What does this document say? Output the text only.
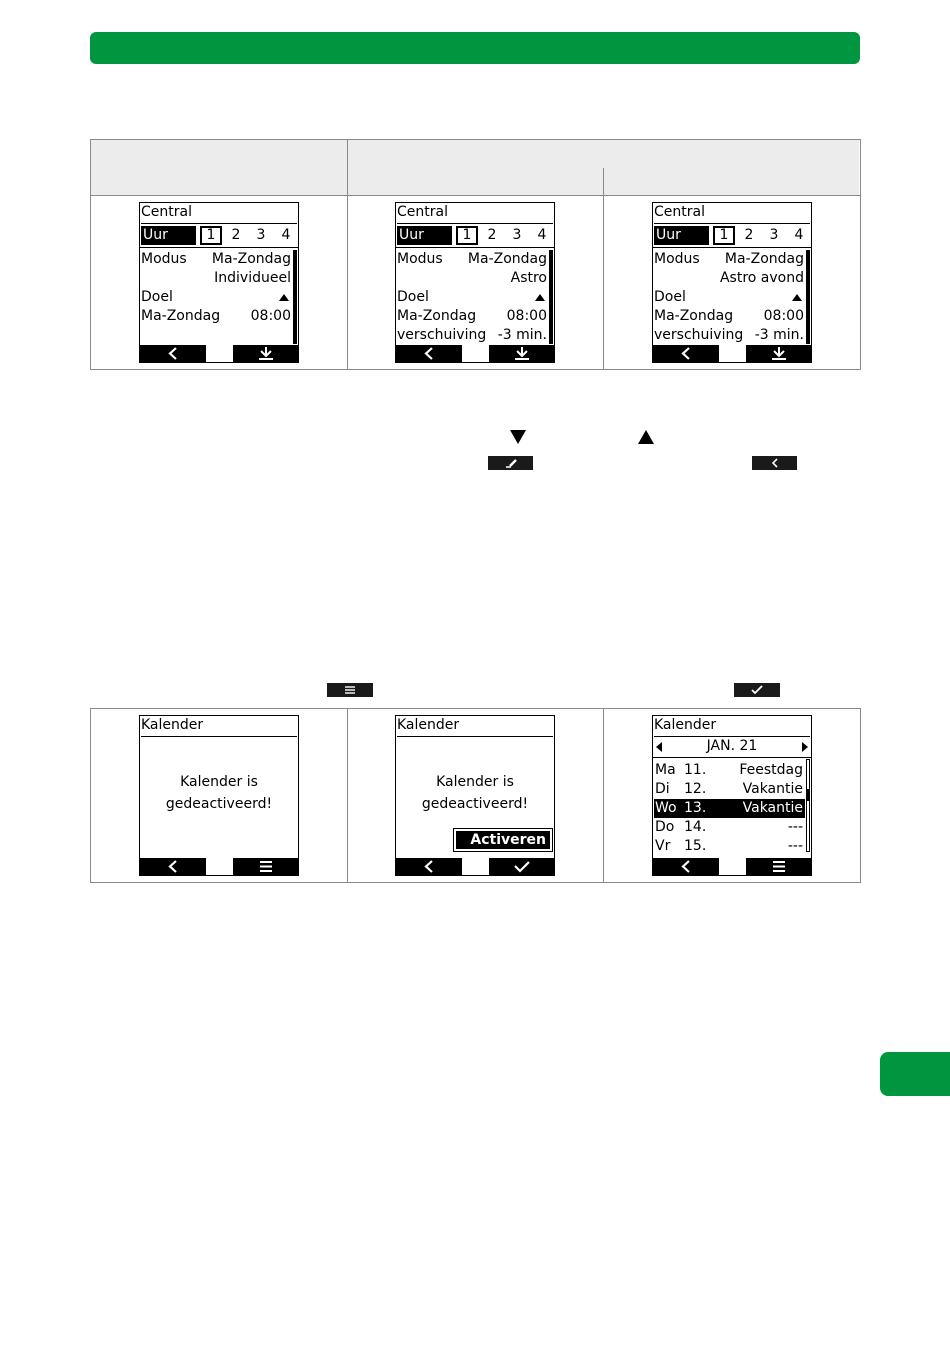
Central
Uur	1	2	3	4
Modus Ma-Zondag
Individueel
Doel
Ma-Zondag 08:00
Central
Uur	1	2	3	4
Modus Ma-Zondag
Astro
Doel
Ma-Zondag 08:00
verschuiving -3 min.
Central
Uur	1	2	3	4
Modus Ma-Zondag
Astro avond
Doel
Ma-Zondag 08:00
verschuiving -3 min.
Kalender
Kalender is
gedeactiveerd!
Kalender
Kalender is
gedeactiveerd!
Activeren
Kalender
JAN. 21
Ma 11. Feestdag
Di 12.	Vakantie
Wo 13.	Vakantie
Do 14.	---
Vr 15.	---
